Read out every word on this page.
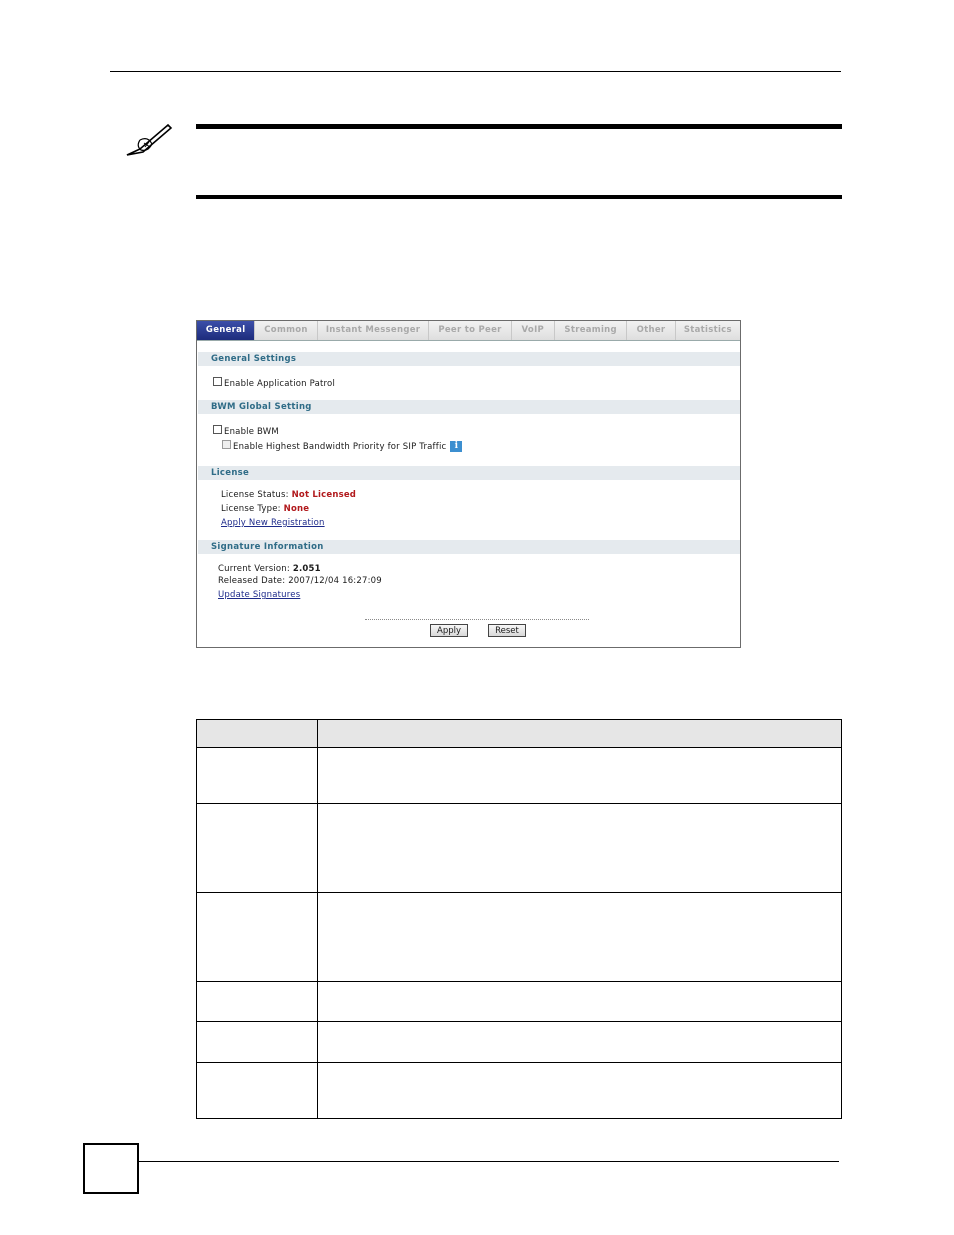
General	Common	Instant Messenger	Peer to Peer	VoIP	Streaming	Other	Statistics
General Settings
Enable Application Patrol
BWM Global Setting
Enable BWM
Enable Highest Bandwidth Priority for SIP Traffic i
License
License Status: Not Licensed
License Type: None
Apply New Registration
Signature Information
Current Version: 2.051
Released Date: 2007/12/04 16:27:09
Update Signatures
Apply	Reset
